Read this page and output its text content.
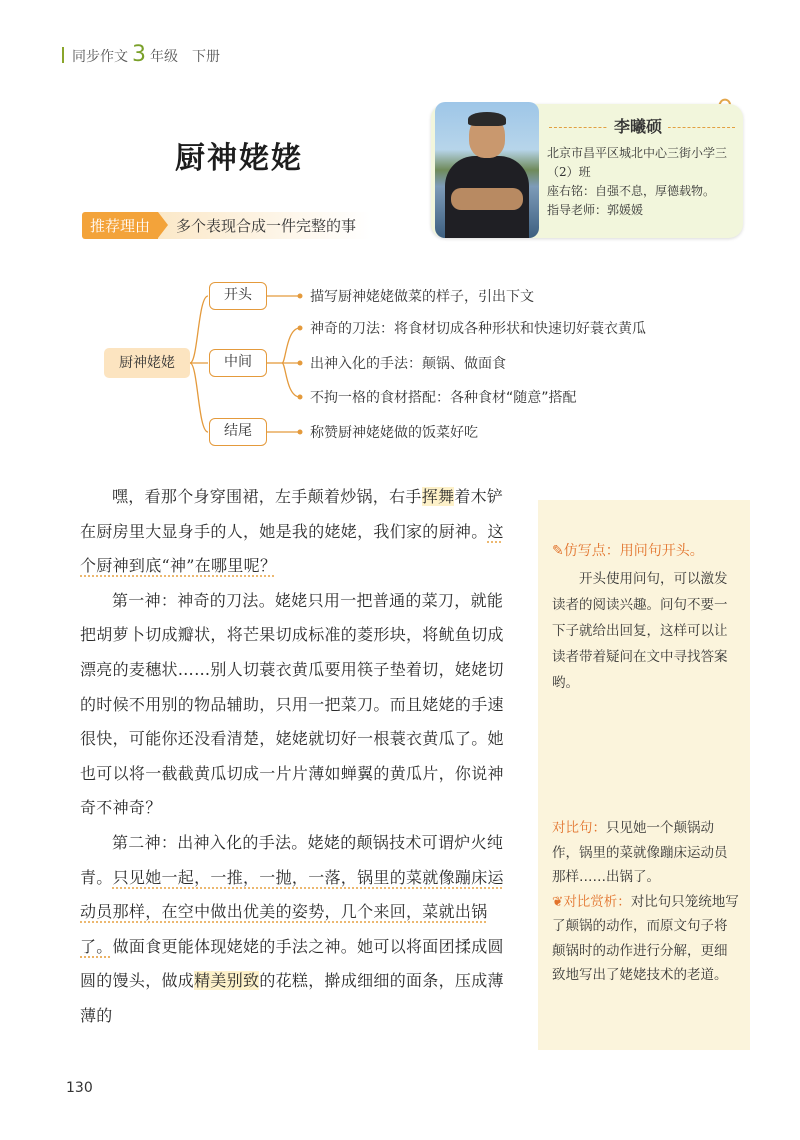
同步作文 3 年级 下册
厨神姥姥
推荐理由	多个表现合成一件完整的事
李曦硕
北京市昌平区城北中心三街小学三（2）班
座右铭：自强不息，厚德载物。
指导老师：郭媛媛
厨神姥姥
开头
中间
结尾
描写厨神姥姥做菜的样子，引出下文
神奇的刀法：将食材切成各种形状和快速切好蓑衣黄瓜
出神入化的手法：颠锅、做面食
不拘一格的食材搭配：各种食材“随意”搭配
称赞厨神姥姥做的饭菜好吃

嘿，看那个身穿围裙，左手颠着炒锅，右手挥舞着木铲在厨房里大显身手的人，她是我的姥姥，我们家的厨神。这个厨神到底“神”在哪里呢？

第一神：神奇的刀法。姥姥只用一把普通的菜刀，就能把胡萝卜切成瓣状，将芒果切成标准的菱形块，将鱿鱼切成漂亮的麦穗状……别人切蓑衣黄瓜要用筷子垫着切，姥姥切的时候不用别的物品辅助，只用一把菜刀。而且姥姥的手速很快，可能你还没看清楚，姥姥就切好一根蓑衣黄瓜了。她也可以将一截截黄瓜切成一片片薄如蝉翼的黄瓜片，你说神奇不神奇？

第二神：出神入化的手法。姥姥的颠锅技术可谓炉火纯青。只见她一起，一推，一抛，一落，锅里的菜就像蹦床运动员那样，在空中做出优美的姿势，几个来回，菜就出锅了。做面食更能体现姥姥的手法之神。她可以将面团揉成圆圆的馒头，做成精美别致的花糕，擀成细细的面条，压成薄薄的

✎仿写点：用问句开头。
开头使用问句，可以激发读者的阅读兴趣。问句不要一下子就给出回复，这样可以让读者带着疑问在文中寻找答案哟。
对比句：只见她一个颠锅动作，锅里的菜就像蹦床运动员那样……出锅了。
❦对比赏析：对比句只笼统地写了颠锅的动作，而原文句子将颠锅时的动作进行分解，更细致地写出了姥姥技术的老道。
130
